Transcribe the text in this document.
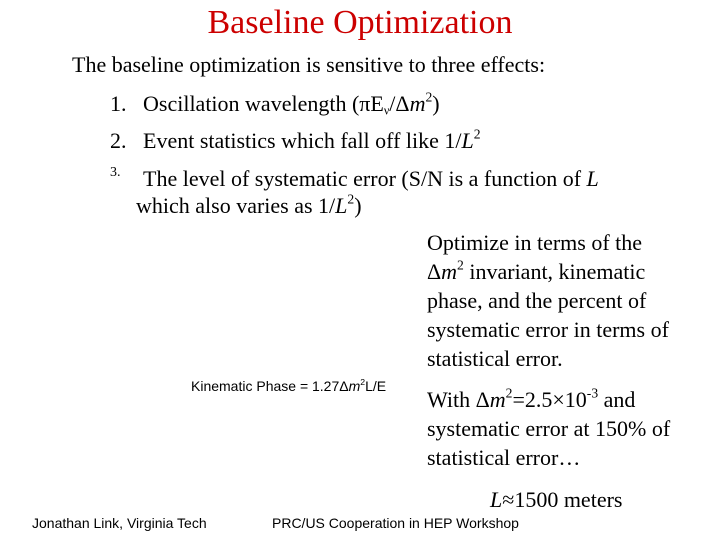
Baseline Optimization
The baseline optimization is sensitive to three effects:
1. Oscillation wavelength $(\pi E_\nu/\Delta m^2)$
2. Event statistics which fall off like $1/L^2$
3. The level of systematic error (S/N is a function of L
which also varies as $1/L^2$)
Optimize in terms of the
$\Delta m^2$ invariant, kinematic
phase, and the percent of
systematic error in terms of
statistical error.
Kinematic Phase = $1.27\Delta m^2L/E$
With $\Delta m^2=2.5\times 10^{-3}$ and
systematic error at 150% of
statistical error…
L≈1500 meters
Jonathan Link, Virginia Tech	PRC/US Cooperation in HEP Workshop
